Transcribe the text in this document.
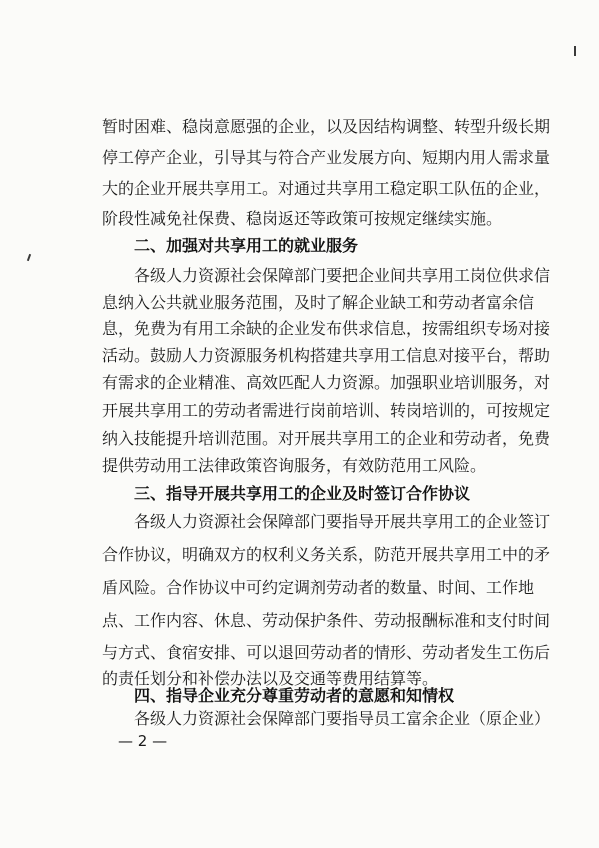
暂时困难、稳岗意愿强的企业，以及因结构调整、转型升级长期
停工停产企业，引导其与符合产业发展方向、短期内用人需求量
大的企业开展共享用工。对通过共享用工稳定职工队伍的企业，
阶段性减免社保费、稳岗返还等政策可按规定继续实施。
二、加强对共享用工的就业服务
各级人力资源社会保障部门要把企业间共享用工岗位供求信
息纳入公共就业服务范围，及时了解企业缺工和劳动者富余信
息，免费为有用工余缺的企业发布供求信息，按需组织专场对接
活动。鼓励人力资源服务机构搭建共享用工信息对接平台，帮助
有需求的企业精准、高效匹配人力资源。加强职业培训服务，对
开展共享用工的劳动者需进行岗前培训、转岗培训的，可按规定
纳入技能提升培训范围。对开展共享用工的企业和劳动者，免费
提供劳动用工法律政策咨询服务，有效防范用工风险。
三、指导开展共享用工的企业及时签订合作协议
各级人力资源社会保障部门要指导开展共享用工的企业签订
合作协议，明确双方的权利义务关系，防范开展共享用工中的矛
盾风险。合作协议中可约定调剂劳动者的数量、时间、工作地
点、工作内容、休息、劳动保护条件、劳动报酬标准和支付时间
与方式、食宿安排、可以退回劳动者的情形、劳动者发生工伤后
的责任划分和补偿办法以及交通等费用结算等。
四、指导企业充分尊重劳动者的意愿和知情权
各级人力资源社会保障部门要指导员工富余企业（原企业）
— 2 —
